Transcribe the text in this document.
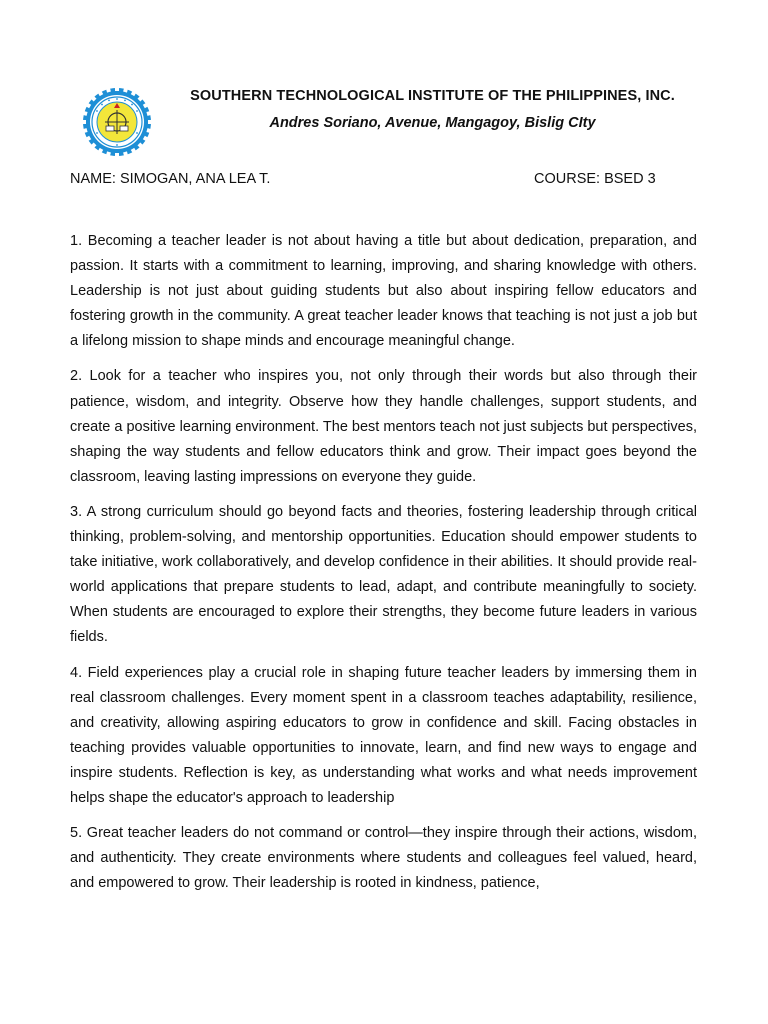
SOUTHERN TECHNOLOGICAL INSTITUTE OF THE PHILIPPINES, INC.
Andres Soriano, Avenue, Mangagoy, Bislig CIty
NAME: SIMOGAN, ANA LEA T.	COURSE: BSED 3

1. Becoming a teacher leader is not about having a title but about dedication, preparation, and passion. It starts with a commitment to learning, improving, and sharing knowledge with others. Leadership is not just about guiding students but also about inspiring fellow educators and fostering growth in the community. A great teacher leader knows that teaching is not just a job but a lifelong mission to shape minds and encourage meaningful change.

2. Look for a teacher who inspires you, not only through their words but also through their patience, wisdom, and integrity. Observe how they handle challenges, support students, and create a positive learning environment. The best mentors teach not just subjects but perspectives, shaping the way students and fellow educators think and grow. Their impact goes beyond the classroom, leaving lasting impressions on everyone they guide.

3. A strong curriculum should go beyond facts and theories, fostering leadership through critical thinking, problem-solving, and mentorship opportunities. Education should empower students to take initiative, work collaboratively, and develop confidence in their abilities. It should provide real-world applications that prepare students to lead, adapt, and contribute meaningfully to society. When students are encouraged to explore their strengths, they become future leaders in various fields.

4. Field experiences play a crucial role in shaping future teacher leaders by immersing them in real classroom challenges. Every moment spent in a classroom teaches adaptability, resilience, and creativity, allowing aspiring educators to grow in confidence and skill. Facing obstacles in teaching provides valuable opportunities to innovate, learn, and find new ways to engage and inspire students. Reflection is key, as understanding what works and what needs improvement helps shape the educator's approach to leadership

5. Great teacher leaders do not command or control—they inspire through their actions, wisdom, and authenticity. They create environments where students and colleagues feel valued, heard, and empowered to grow. Their leadership is rooted in kindness, patience,
